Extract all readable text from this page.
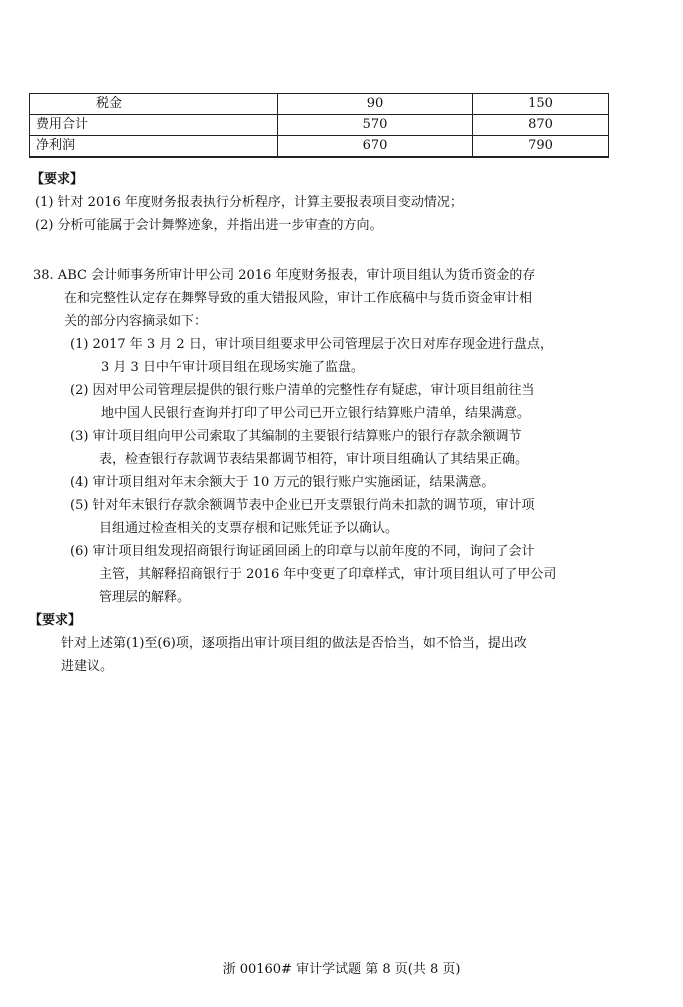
税金	90	150
费用合计	570	870
净利润	670	790
【要求】
(1) 针对 2016 年度财务报表执行分析程序，计算主要报表项目变动情况；
(2) 分析可能属于会计舞弊迹象，并指出进一步审查的方向。
38. ABC 会计师事务所审计甲公司 2016 年度财务报表，审计项目组认为货币资金的存
在和完整性认定存在舞弊导致的重大错报风险，审计工作底稿中与货币资金审计相
关的部分内容摘录如下：
(1) 2017 年 3 月 2 日，审计项目组要求甲公司管理层于次日对库存现金进行盘点，
3 月 3 日中午审计项目组在现场实施了监盘。
(2) 因对甲公司管理层提供的银行账户清单的完整性存有疑虑，审计项目组前往当
地中国人民银行查询并打印了甲公司已开立银行结算账户清单，结果满意。
(3) 审计项目组向甲公司索取了其编制的主要银行结算账户的银行存款余额调节
表，检查银行存款调节表结果都调节相符，审计项目组确认了其结果正确。
(4) 审计项目组对年末余额大于 10 万元的银行账户实施函证，结果满意。
(5) 针对年末银行存款余额调节表中企业已开支票银行尚未扣款的调节项，审计项
目组通过检查相关的支票存根和记账凭证予以确认。
(6) 审计项目组发现招商银行询证函回函上的印章与以前年度的不同，询问了会计
主管，其解释招商银行于 2016 年中变更了印章样式，审计项目组认可了甲公司
管理层的解释。
【要求】
针对上述第(1)至(6)项，逐项指出审计项目组的做法是否恰当，如不恰当，提出改
进建议。
浙 00160# 审计学试题 第 8 页(共 8 页)
